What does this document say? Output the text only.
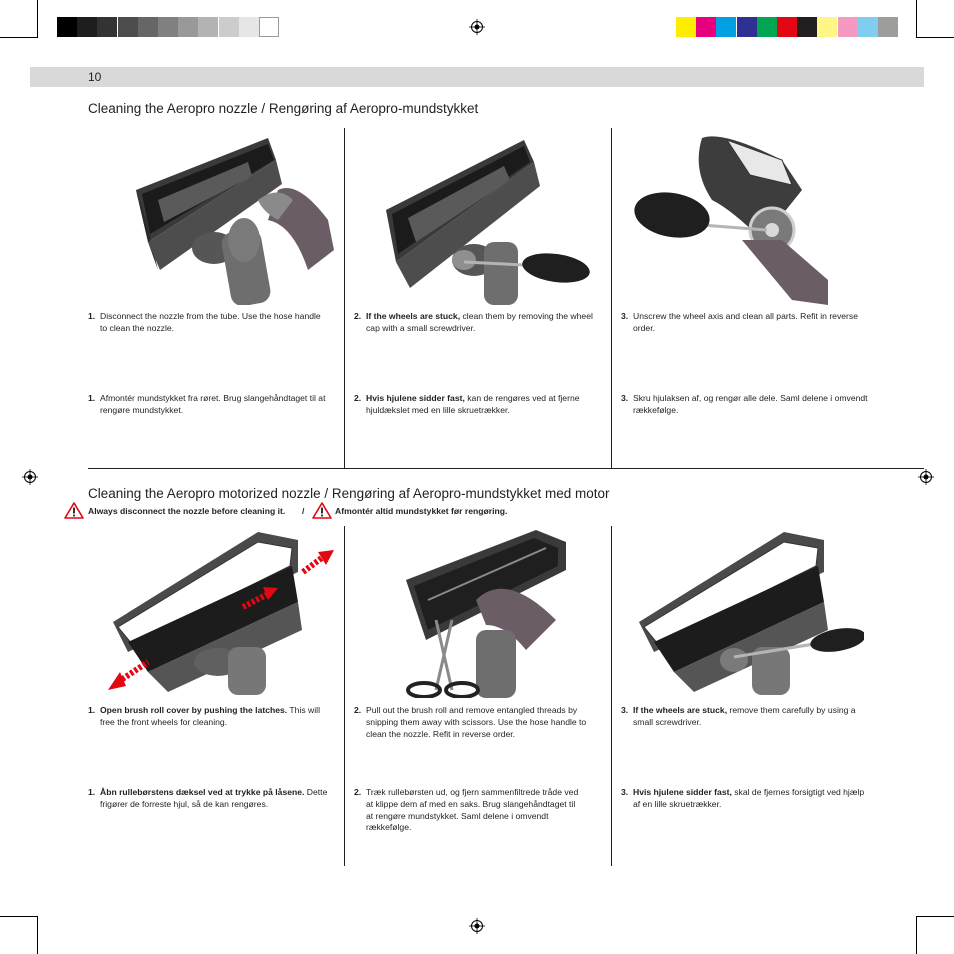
10
Cleaning the Aeropro nozzle / Rengøring af Aeropro-mundstykket
1. Disconnect the nozzle from the tube. Use the hose handle to clean the nozzle.
1. Afmontér mundstykket fra røret. Brug slangehåndtaget til at rengøre mundstykket.
2. If the wheels are stuck, clean them by removing the wheel cap with a small screwdriver.
2. Hvis hjulene sidder fast, kan de rengøres ved at fjerne hjuldækslet med en lille skruetrækker.
3. Unscrew the wheel axis and clean all parts. Refit in reverse order.
3. Skru hjulaksen af, og rengør alle dele. Saml delene i omvendt rækkefølge.
Cleaning the Aeropro motorized nozzle / Rengøring af Aeropro-mundstykket med motor
Always disconnect the nozzle before cleaning it. /	Afmontér altid mundstykket før rengøring.
1. Open brush roll cover by pushing the latches. This will free the front wheels for cleaning.
1. Åbn rullebørstens dæksel ved at trykke på låsene. Dette frigører de forreste hjul, så de kan rengøres.
2. Pull out the brush roll and remove entangled threads by snipping them away with scissors. Use the hose handle to clean the nozzle. Refit in reverse order.
2. Træk rullebørsten ud, og fjern sammenfiltrede tråde ved at klippe dem af med en saks. Brug slangehåndtaget til at rengøre mundstykket. Saml delene i omvendt rækkefølge.
3. If the wheels are stuck, remove them carefully by using a small screwdriver.
3. Hvis hjulene sidder fast, skal de fjernes forsigtigt ved hjælp af en lille skruetrækker.
